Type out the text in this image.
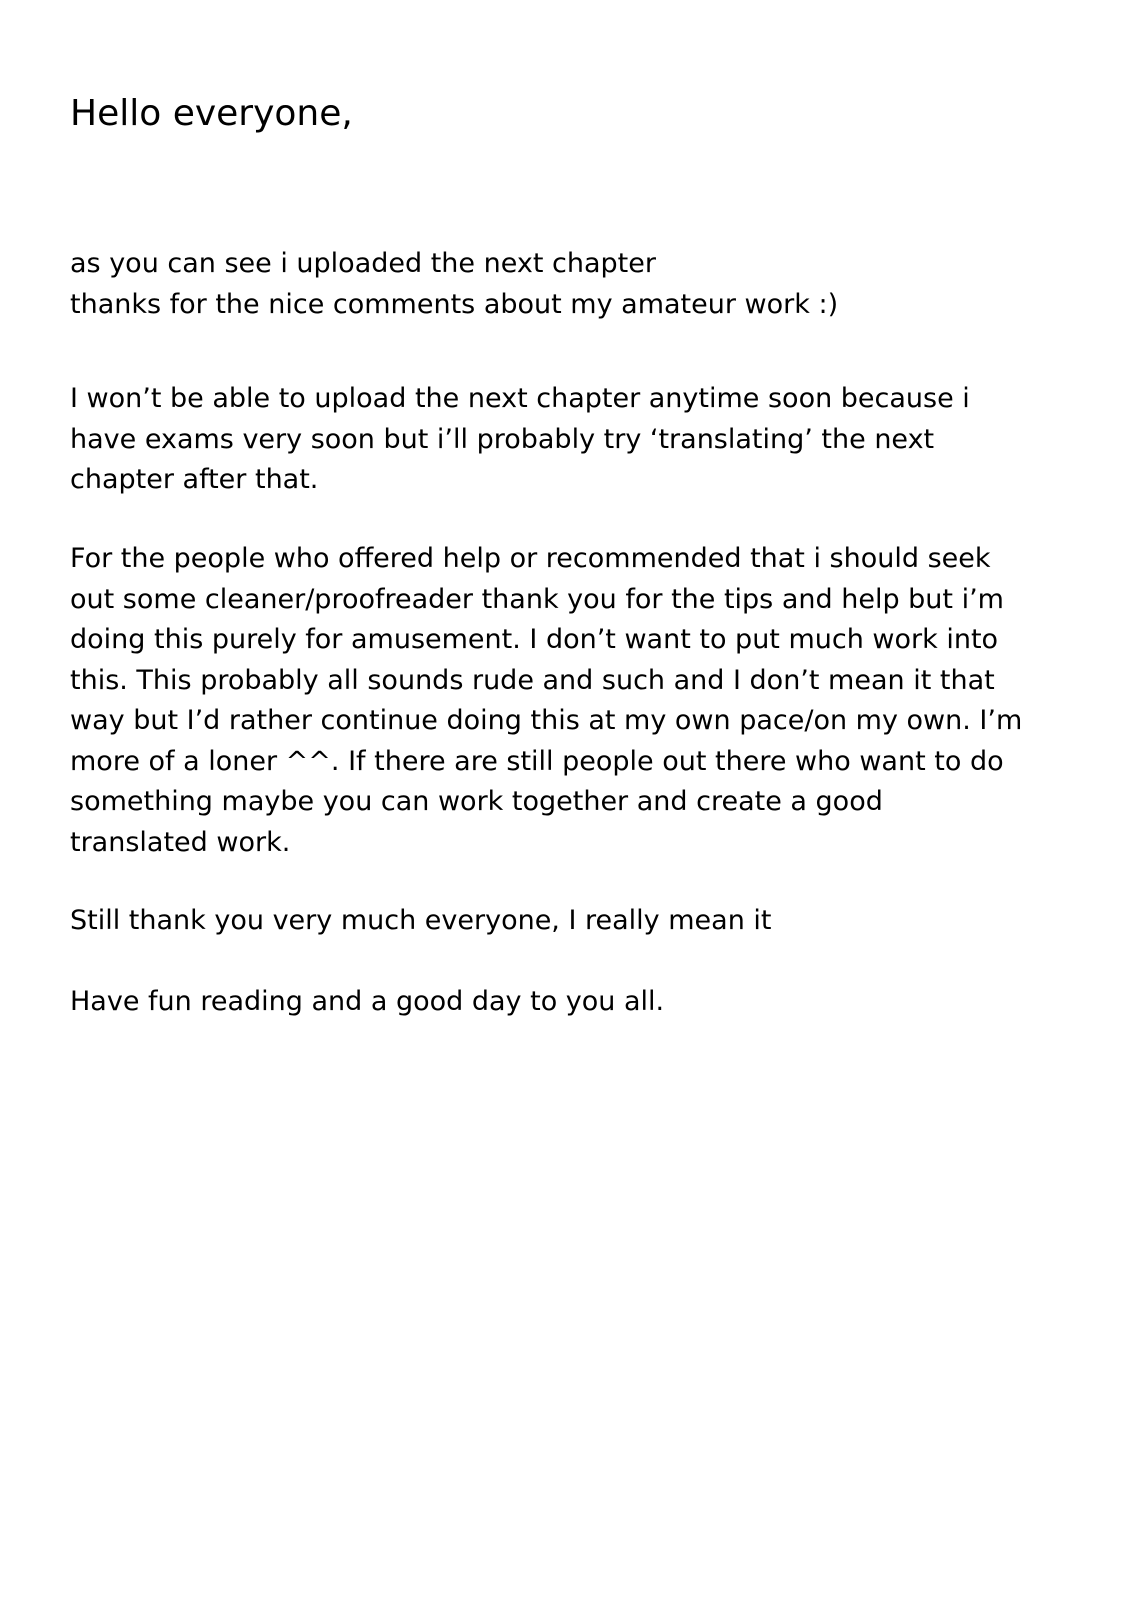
Hello everyone,

as you can see i uploaded the next chapter
thanks for the nice comments about my amateur work :)

I won’t be able to upload the next chapter anytime soon because i
have exams very soon but i’ll probably try ‘translating’ the next
chapter after that.

For the people who offered help or recommended that i should seek
out some cleaner/proofreader thank you for the tips and help but i’m
doing this purely for amusement. I don’t want to put much work into
this. This probably all sounds rude and such and I don’t mean it that
way but I’d rather continue doing this at my own pace/on my own. I’m
more of a loner ^^. If there are still people out there who want to do
something maybe you can work together and create a good
translated work.

Still thank you very much everyone, I really mean it

Have fun reading and a good day to you all.
